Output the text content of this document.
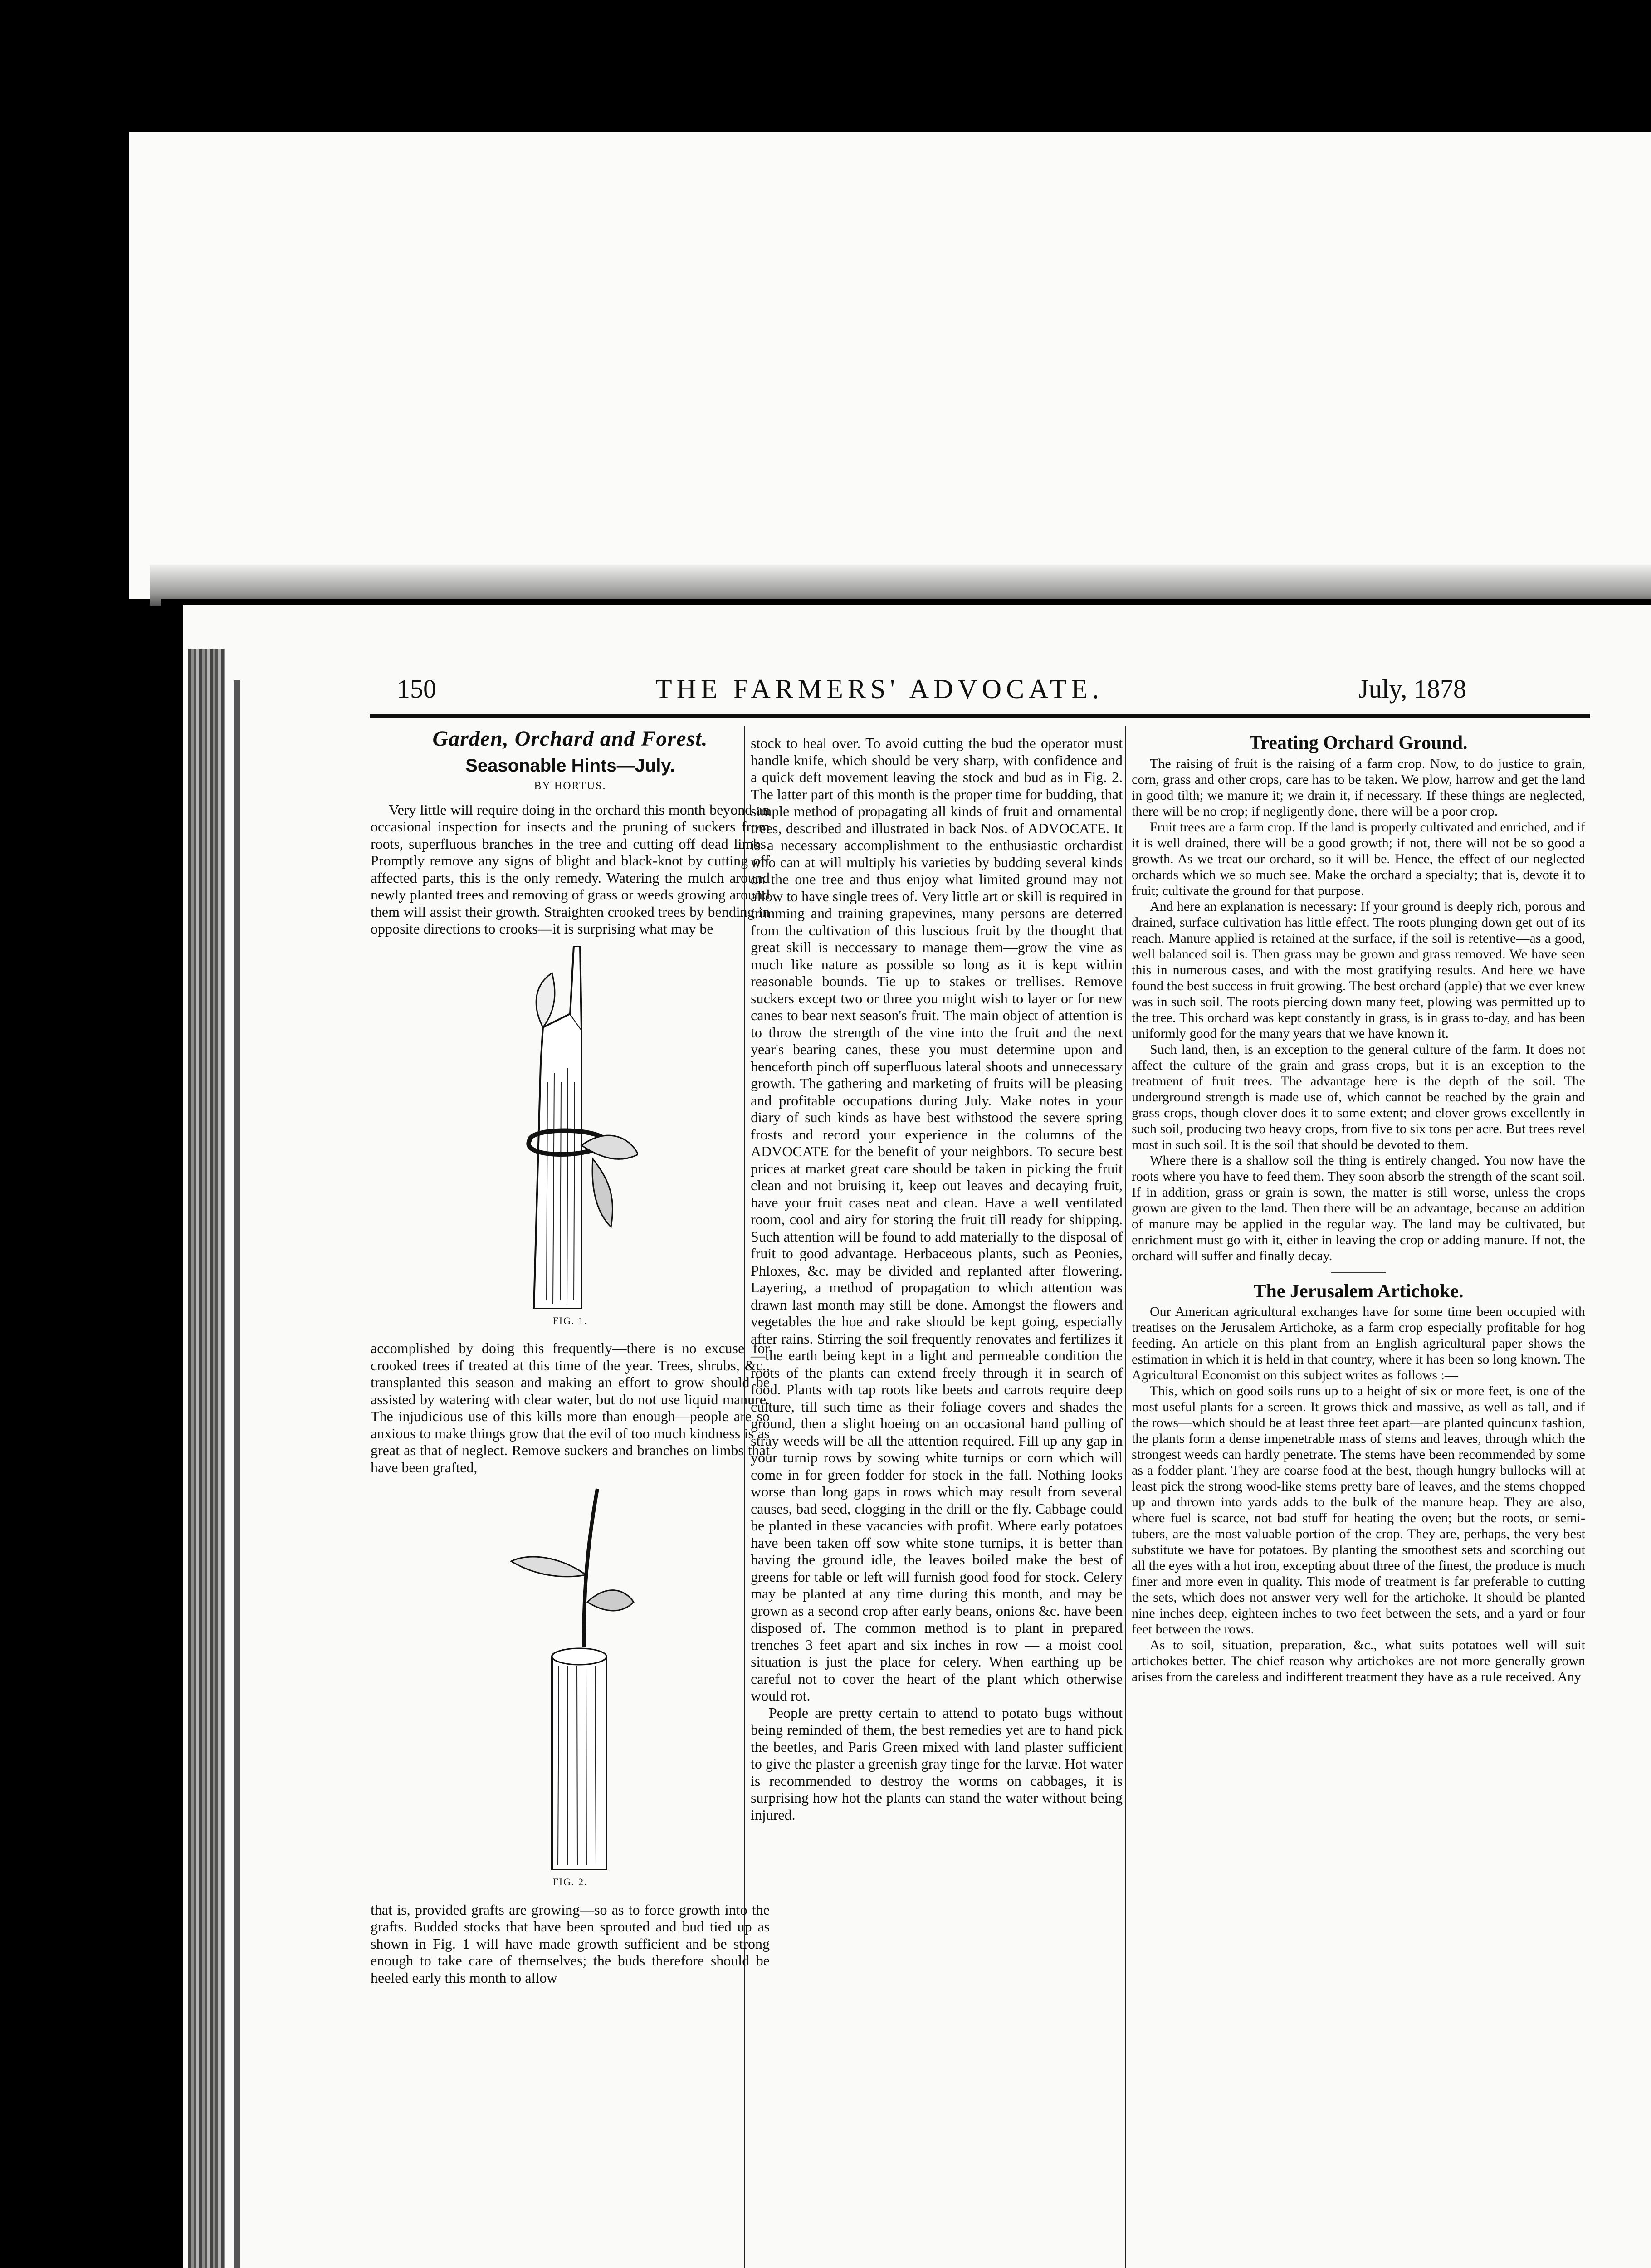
150	THE FARMERS' ADVOCATE.	July, 1878
Garden, Orchard and Forest.
Seasonable Hints—July.
BY HORTUS.

Very little will require doing in the orchard this month beyond an occasional inspection for insects and the pruning of suckers from roots, superfluous branches in the tree and cutting off dead limbs. Promptly remove any signs of blight and black-knot by cutting off affected parts, this is the only remedy. Watering the mulch around newly planted trees and removing of grass or weeds growing around them will assist their growth. Straighten crooked trees by bending in opposite directions to crooks—it is surprising what may be

FIG. 1.

accomplished by doing this frequently—there is no excuse for crooked trees if treated at this time of the year. Trees, shrubs, &c., transplanted this season and making an effort to grow should be assisted by watering with clear water, but do not use liquid manure. The injudicious use of this kills more than enough—people are so anxious to make things grow that the evil of too much kindness is as great as that of neglect. Remove suckers and branches on limbs that have been grafted,

FIG. 2.

that is, provided grafts are growing—so as to force growth into the grafts. Budded stocks that have been sprouted and bud tied up as shown in Fig. 1 will have made growth sufficient and be strong enough to take care of themselves; the buds therefore should be heeled early this month to allow

stock to heal over. To avoid cutting the bud the operator must handle knife, which should be very sharp, with confidence and a quick deft movement leaving the stock and bud as in Fig. 2. The latter part of this month is the proper time for budding, that simple method of propagating all kinds of fruit and ornamental trees, described and illustrated in back Nos. of ADVOCATE. It is a necessary accomplishment to the enthusiastic orchardist who can at will multiply his varieties by budding several kinds on the one tree and thus enjoy what limited ground may not allow to have single trees of. Very little art or skill is required in trimming and training grapevines, many persons are deterred from the cultivation of this luscious fruit by the thought that great skill is neccessary to manage them—grow the vine as much like nature as possible so long as it is kept within reasonable bounds. Tie up to stakes or trellises. Remove suckers except two or three you might wish to layer or for new canes to bear next season's fruit. The main object of attention is to throw the strength of the vine into the fruit and the next year's bearing canes, these you must determine upon and henceforth pinch off superfluous lateral shoots and unnecessary growth. The gathering and marketing of fruits will be pleasing and profitable occupations during July. Make notes in your diary of such kinds as have best withstood the severe spring frosts and record your experience in the columns of the ADVOCATE for the benefit of your neighbors. To secure best prices at market great care should be taken in picking the fruit clean and not bruising it, keep out leaves and decaying fruit, have your fruit cases neat and clean. Have a well ventilated room, cool and airy for storing the fruit till ready for shipping. Such attention will be found to add materially to the disposal of fruit to good advantage. Herbaceous plants, such as Peonies, Phloxes, &c. may be divided and replanted after flowering. Layering, a method of propagation to which attention was drawn last month may still be done. Amongst the flowers and vegetables the hoe and rake should be kept going, especially after rains. Stirring the soil frequently renovates and fertilizes it—the earth being kept in a light and permeable condition the roots of the plants can extend freely through it in search of food. Plants with tap roots like beets and carrots require deep culture, till such time as their foliage covers and shades the ground, then a slight hoeing on an occasional hand pulling of stray weeds will be all the attention required. Fill up any gap in your turnip rows by sowing white turnips or corn which will come in for green fodder for stock in the fall. Nothing looks worse than long gaps in rows which may result from several causes, bad seed, clogging in the drill or the fly. Cabbage could be planted in these vacancies with profit. Where early potatoes have been taken off sow white stone turnips, it is better than having the ground idle, the leaves boiled make the best of greens for table or left will furnish good food for stock. Celery may be planted at any time during this month, and may be grown as a second crop after early beans, onions &c. have been disposed of. The common method is to plant in prepared trenches 3 feet apart and six inches in row — a moist cool situation is just the place for celery. When earthing up be careful not to cover the heart of the plant which otherwise would rot.

People are pretty certain to attend to potato bugs without being reminded of them, the best remedies yet are to hand pick the beetles, and Paris Green mixed with land plaster sufficient to give the plaster a greenish gray tinge for the larvæ. Hot water is recommended to destroy the worms on cabbages, it is surprising how hot the plants can stand the water without being injured.

Treating Orchard Ground.

The raising of fruit is the raising of a farm crop. Now, to do justice to grain, corn, grass and other crops, care has to be taken. We plow, harrow and get the land in good tilth; we manure it; we drain it, if necessary. If these things are neglected, there will be no crop; if negligently done, there will be a poor crop.

Fruit trees are a farm crop. If the land is properly cultivated and enriched, and if it is well drained, there will be a good growth; if not, there will not be so good a growth. As we treat our orchard, so it will be. Hence, the effect of our neglected orchards which we so much see. Make the orchard a specialty; that is, devote it to fruit; cultivate the ground for that purpose.

And here an explanation is necessary: If your ground is deeply rich, porous and drained, surface cultivation has little effect. The roots plunging down get out of its reach. Manure applied is retained at the surface, if the soil is retentive—as a good, well balanced soil is. Then grass may be grown and grass removed. We have seen this in numerous cases, and with the most gratifying results. And here we have found the best success in fruit growing. The best orchard (apple) that we ever knew was in such soil. The roots piercing down many feet, plowing was permitted up to the tree. This orchard was kept constantly in grass, is in grass to-day, and has been uniformly good for the many years that we have known it.

Such land, then, is an exception to the general culture of the farm. It does not affect the culture of the grain and grass crops, but it is an exception to the treatment of fruit trees. The advantage here is the depth of the soil. The underground strength is made use of, which cannot be reached by the grain and grass crops, though clover does it to some extent; and clover grows excellently in such soil, producing two heavy crops, from five to six tons per acre. But trees revel most in such soil. It is the soil that should be devoted to them.

Where there is a shallow soil the thing is entirely changed. You now have the roots where you have to feed them. They soon absorb the strength of the scant soil. If in addition, grass or grain is sown, the matter is still worse, unless the crops grown are given to the land. Then there will be an advantage, because an addition of manure may be applied in the regular way. The land may be cultivated, but enrichment must go with it, either in leaving the crop or adding manure. If not, the orchard will suffer and finally decay.

The Jerusalem Artichoke.

Our American agricultural exchanges have for some time been occupied with treatises on the Jerusalem Artichoke, as a farm crop especially profitable for hog feeding. An article on this plant from an English agricultural paper shows the estimation in which it is held in that country, where it has been so long known. The Agricultural Economist on this subject writes as follows :—

This, which on good soils runs up to a height of six or more feet, is one of the most useful plants for a screen. It grows thick and massive, as well as tall, and if the rows—which should be at least three feet apart—are planted quincunx fashion, the plants form a dense impenetrable mass of stems and leaves, through which the strongest weeds can hardly penetrate. The stems have been recommended by some as a fodder plant. They are coarse food at the best, though hungry bullocks will at least pick the strong wood-like stems pretty bare of leaves, and the stems chopped up and thrown into yards adds to the bulk of the manure heap. They are also, where fuel is scarce, not bad stuff for heating the oven; but the roots, or semi-tubers, are the most valuable portion of the crop. They are, perhaps, the very best substitute we have for potatoes. By planting the smoothest sets and scorching out all the eyes with a hot iron, excepting about three of the finest, the produce is much finer and more even in quality. This mode of treatment is far preferable to cutting the sets, which does not answer very well for the artichoke. It should be planted nine inches deep, eighteen inches to two feet between the sets, and a yard or four feet between the rows.

As to soil, situation, preparation, &c., what suits potatoes well will suit artichokes better. The chief reason why artichokes are not more generally grown arises from the careless and indifferent treatment they have as a rule received. Any
